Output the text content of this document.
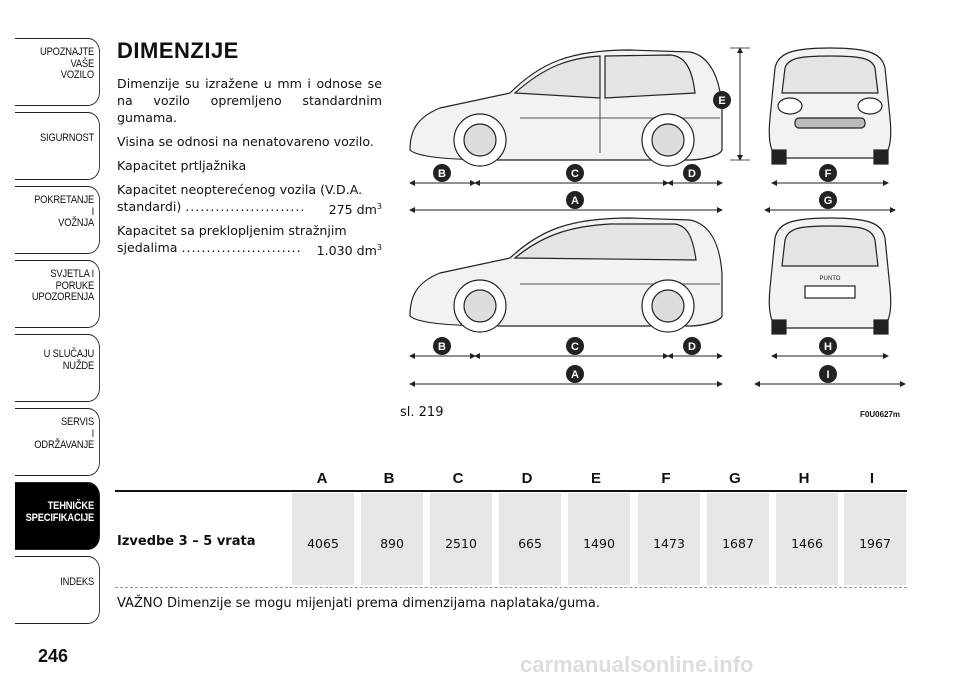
UPOZNAJTE
VAŠE
VOZILO
SIGURNOST
POKRETANJE
I
VOŽNJA
SVJETLA I
PORUKE
UPOZORENJA
U SLUČAJU
NUŽDE
SERVIS
I
ODRŽAVANJE
TEHNIČKE
SPECIFIKACIJE
INDEKS
246
DIMENZIJE

Dimenzije su izražene u mm i odnose se na vozilo opremljeno standardnim gumama.

Visina se odnosi na nenatovareno vozilo.

Kapacitet prtljažnika

Kapacitet neopterećenog vozila (V.D.A. standardi) ........................ 275 $dm^3$

Kapacitet sa preklopljenim stražnjim sjedalima ........................ 1.030 $dm^3$

PUNTO
E
B	C	D
A
F
G
B	C	D
A
H
I
sl. 219	F0U0627m
A	B	C	D	E	F	G	H	I
Izvedbe 3 – 5 vrata	4065	890	2510	665	1490	1473	1687	1466	1967
VAŽNO Dimenzije se mogu mijenjati prema dimenzijama naplataka/guma.
carmanualsonline.info
